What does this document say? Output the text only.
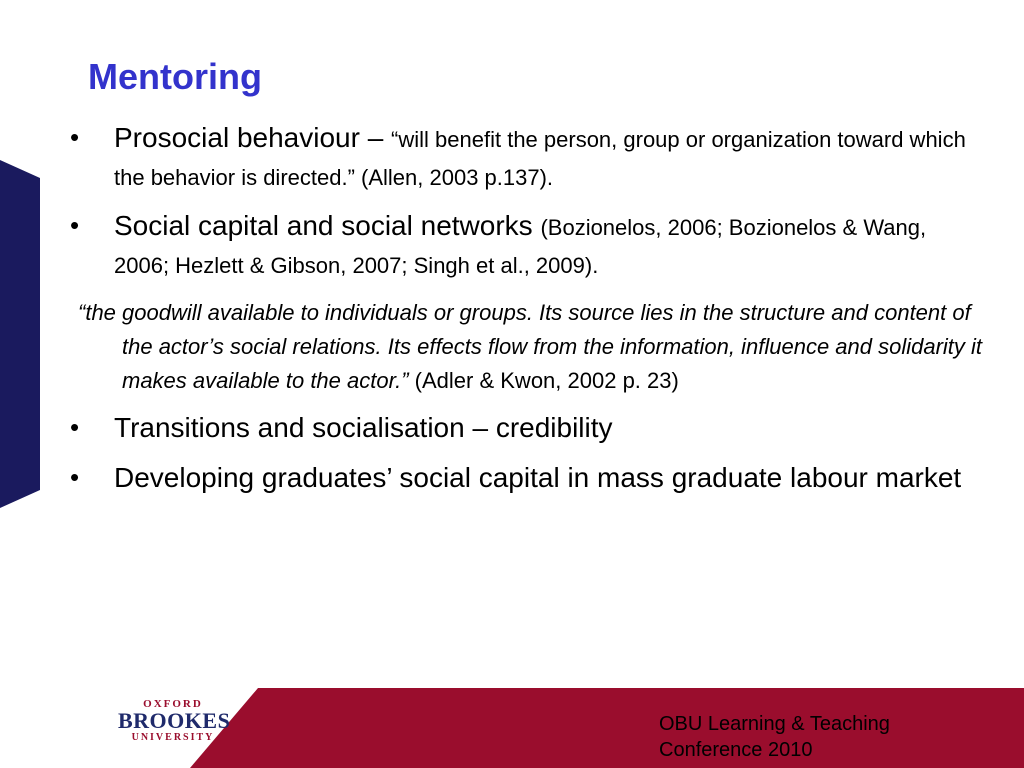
Mentoring
• Prosocial behaviour – “will benefit the person, group or organization toward which the behavior is directed.” (Allen, 2003 p.137).
• Social capital and social networks (Bozionelos, 2006; Bozionelos & Wang, 2006; Hezlett & Gibson, 2007; Singh et al., 2009).
“the goodwill available to individuals or groups. Its source lies in the structure and content of the actor’s social relations. Its effects flow from the information, influence and solidarity it makes available to the actor.” (Adler & Kwon, 2002 p. 23)
• Transitions and socialisation – credibility
• Developing graduates’ social capital in mass graduate labour market
OXFORD
BROOKES
UNIVERSITY
OBU Learning & Teaching
Conference 2010
